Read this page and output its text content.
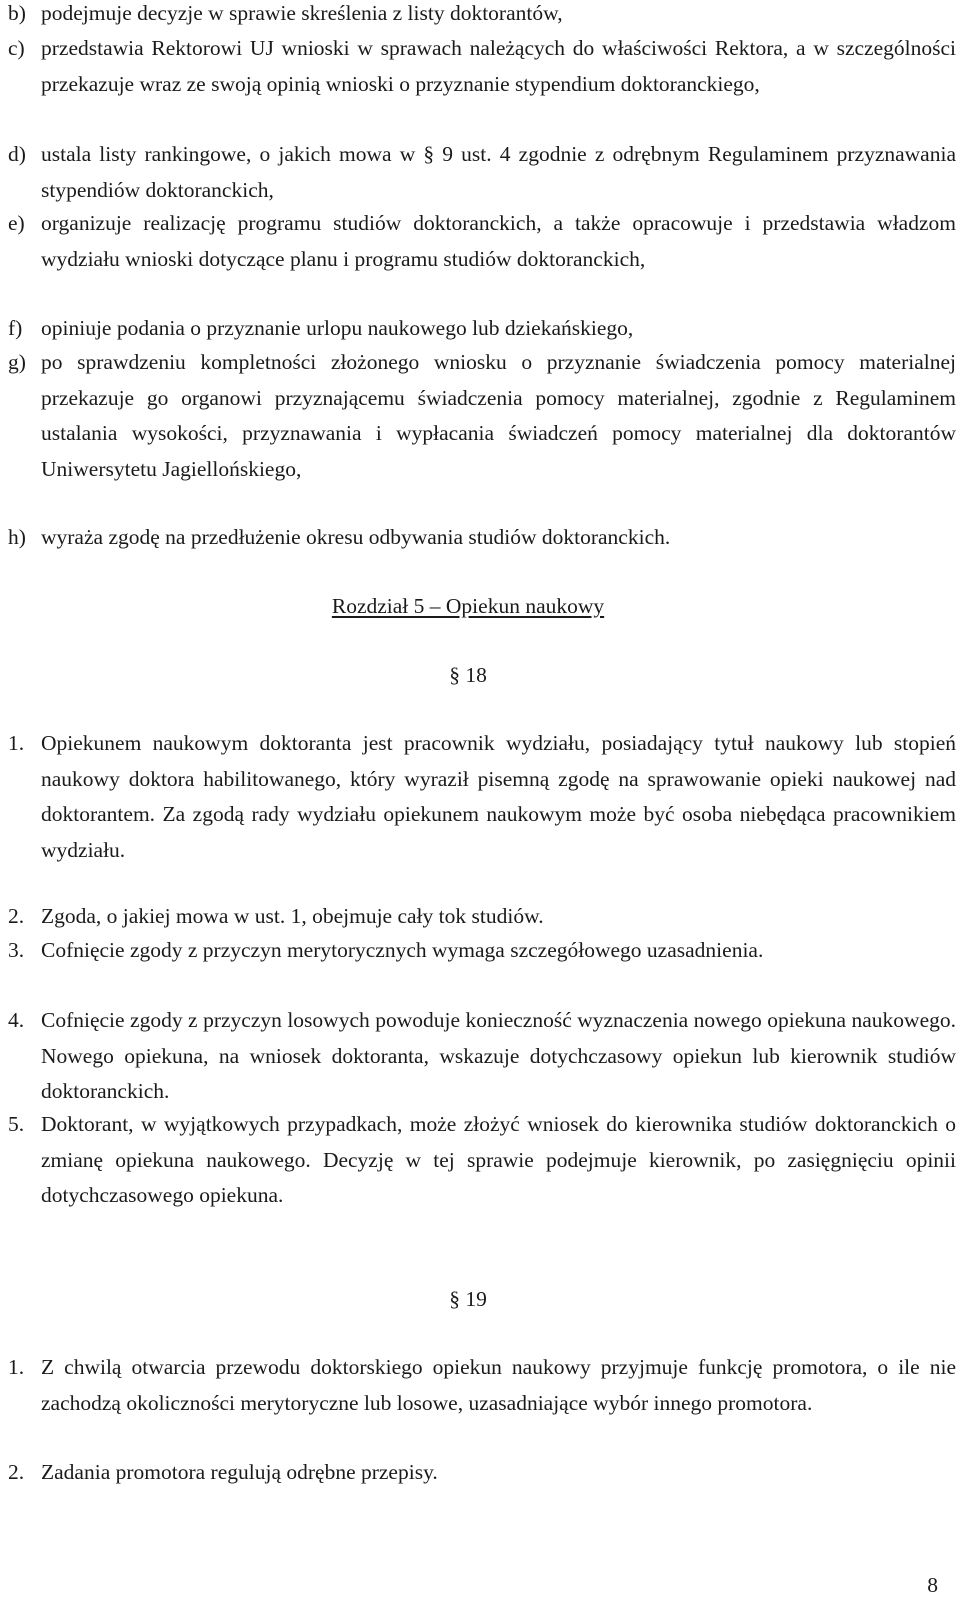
b) podejmuje decyzje w sprawie skreślenia z listy doktorantów,
c) przedstawia Rektorowi UJ wnioski w sprawach należących do właściwości Rektora, a w szczególności przekazuje wraz ze swoją opinią wnioski o przyznanie stypendium doktoranckiego,
d) ustala listy rankingowe, o jakich mowa w § 9 ust. 4 zgodnie z odrębnym Regulaminem przyznawania stypendiów doktoranckich,
e) organizuje realizację programu studiów doktoranckich, a także opracowuje i przedstawia władzom wydziału wnioski dotyczące planu i programu studiów doktoranckich,
f) opiniuje podania o przyznanie urlopu naukowego lub dziekańskiego,
g) po sprawdzeniu kompletności złożonego wniosku o przyznanie świadczenia pomocy materialnej przekazuje go organowi przyznającemu świadczenia pomocy materialnej, zgodnie z Regulaminem ustalania wysokości, przyznawania i wypłacania świadczeń pomocy materialnej dla doktorantów Uniwersytetu Jagiellońskiego,
h) wyraża zgodę na przedłużenie okresu odbywania studiów doktoranckich.
Rozdział 5 – Opiekun naukowy
§ 18
1. Opiekunem naukowym doktoranta jest pracownik wydziału, posiadający tytuł naukowy lub stopień naukowy doktora habilitowanego, który wyraził pisemną zgodę na sprawowanie opieki naukowej nad doktorantem. Za zgodą rady wydziału opiekunem naukowym może być osoba niebędąca pracownikiem wydziału.
2. Zgoda, o jakiej mowa w ust. 1, obejmuje cały tok studiów.
3. Cofnięcie zgody z przyczyn merytorycznych wymaga szczegółowego uzasadnienia.
4. Cofnięcie zgody z przyczyn losowych powoduje konieczność wyznaczenia nowego opiekuna naukowego. Nowego opiekuna, na wniosek doktoranta, wskazuje dotychczasowy opiekun lub kierownik studiów doktoranckich.
5. Doktorant, w wyjątkowych przypadkach, może złożyć wniosek do kierownika studiów doktoranckich o zmianę opiekuna naukowego. Decyzję w tej sprawie podejmuje kierownik, po zasięgnięciu opinii dotychczasowego opiekuna.
§ 19
1. Z chwilą otwarcia przewodu doktorskiego opiekun naukowy przyjmuje funkcję promotora, o ile nie zachodzą okoliczności merytoryczne lub losowe, uzasadniające wybór innego promotora.
2. Zadania promotora regulują odrębne przepisy.
8
